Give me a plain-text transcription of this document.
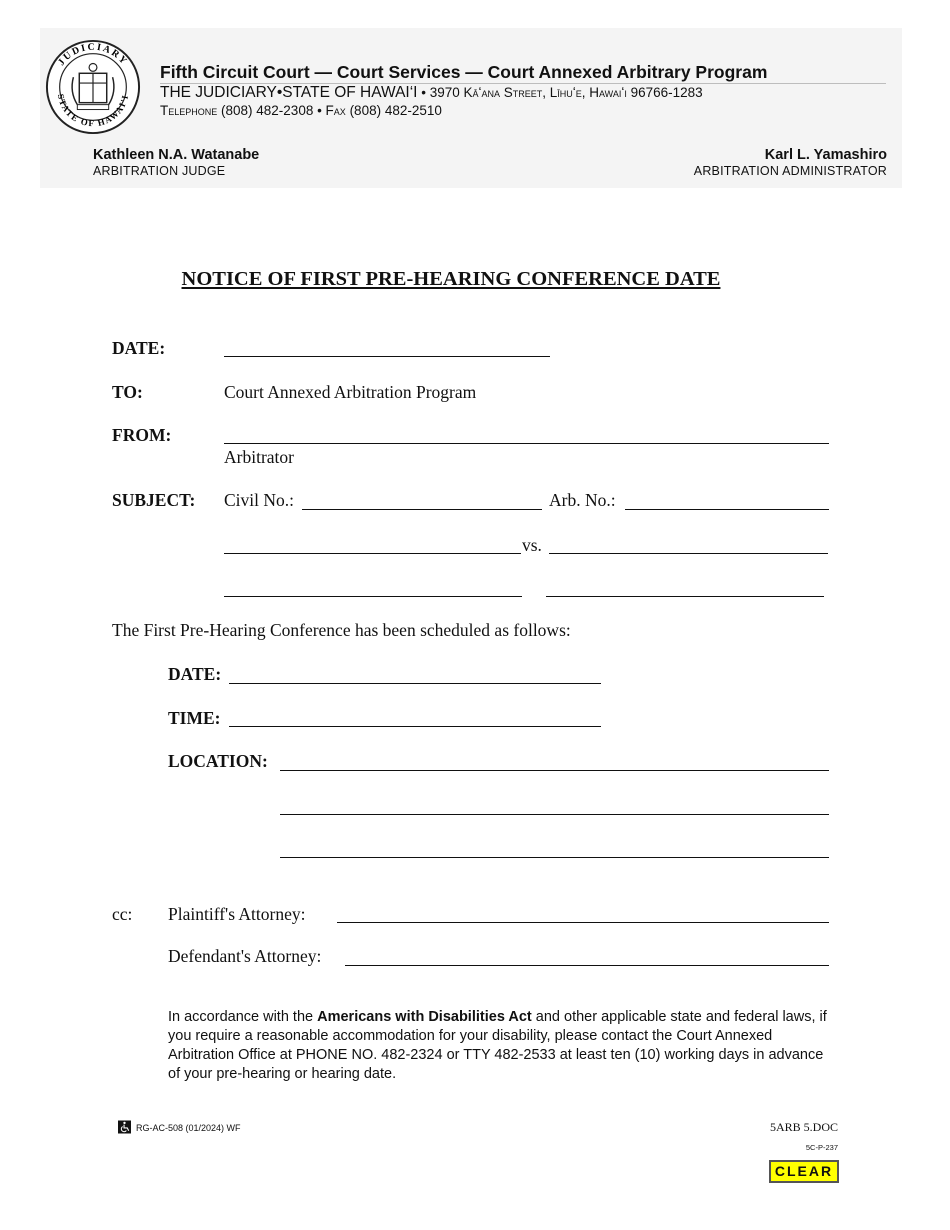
JUDICIARY
STATE OF HAWAI'I
Fifth Circuit Court — Court Services — Court Annexed Arbitrary Program
THE JUDICIARY•STATE OF HAWAI‘I • 3970 Kāʻana Street, Līhuʻe, Hawaiʻi 96766-1283
Telephone (808) 482-2308 • Fax (808) 482-2510
Kathleen N.A. Watanabe
ARBITRATION JUDGE
Karl L. Yamashiro
ARBITRATION ADMINISTRATOR
NOTICE OF FIRST PRE-HEARING CONFERENCE DATE
DATE:
TO:	Court Annexed Arbitration Program
FROM:
Arbitrator
SUBJECT: Civil No.:	Arb. No.:
vs.
The First Pre-Hearing Conference has been scheduled as follows:
DATE:
TIME:
LOCATION:
cc: Plaintiff's Attorney:
Defendant's Attorney:
In accordance with the Americans with Disabilities Act and other applicable state and federal laws, if you require a reasonable accommodation for your disability, please contact the Court Annexed Arbitration Office at PHONE NO. 482-2324 or TTY 482-2533 at least ten (10) working days in advance of your pre-hearing or hearing date.
RG-AC-508 (01/2024) WF	5ARB 5.DOC
5C-P-237
CLEAR
